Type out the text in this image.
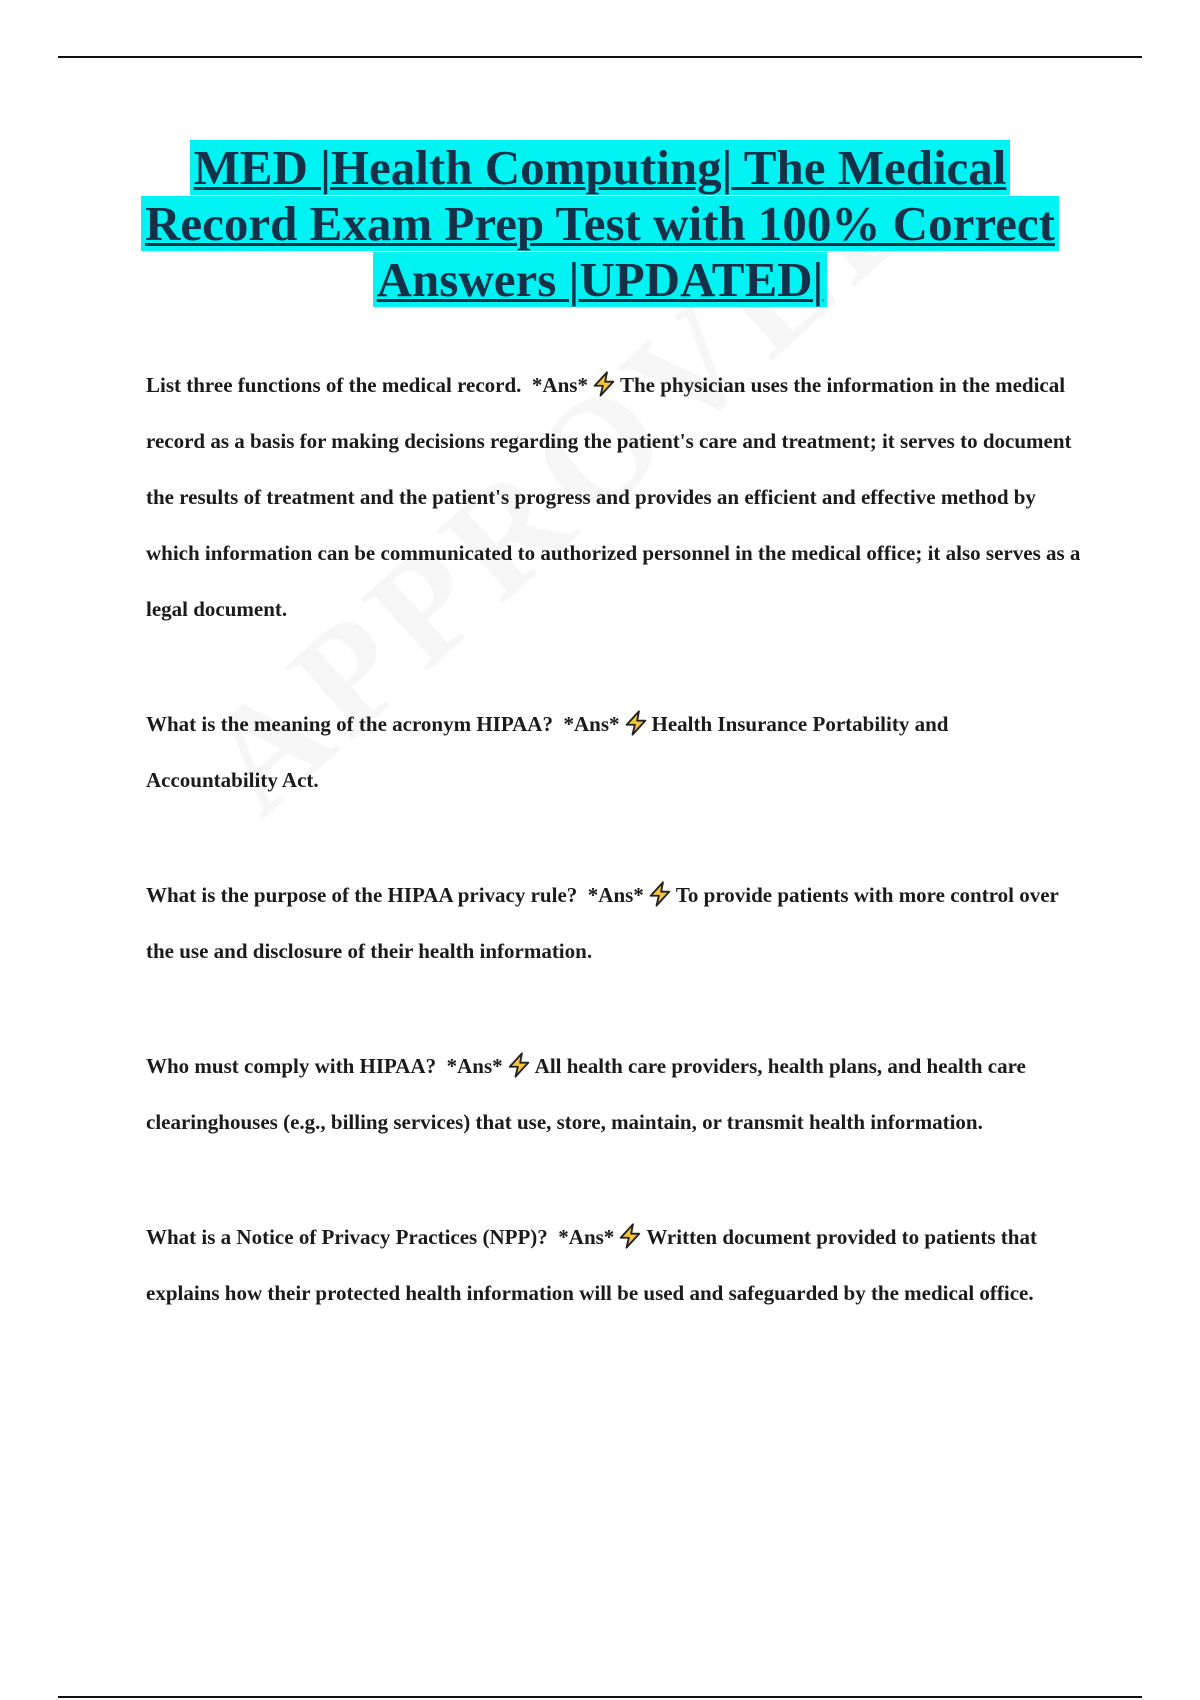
MED |Health Computing| The Medical Record Exam Prep Test with 100% Correct Answers |UPDATED|

List three functions of the medical record. *Ans* The physician uses the information in the medical record as a basis for making decisions regarding the patient's care and treatment; it serves to document the results of treatment and the patient's progress and provides an efficient and effective method by which information can be communicated to authorized personnel in the medical office; it also serves as a legal document.

What is the meaning of the acronym HIPAA? *Ans* Health Insurance Portability and Accountability Act.

What is the purpose of the HIPAA privacy rule? *Ans* To provide patients with more control over the use and disclosure of their health information.

Who must comply with HIPAA? *Ans* All health care providers, health plans, and health care clearinghouses (e.g., billing services) that use, store, maintain, or transmit health information.

What is a Notice of Privacy Practices (NPP)? *Ans* Written document provided to patients that explains how their protected health information will be used and safeguarded by the medical office.
